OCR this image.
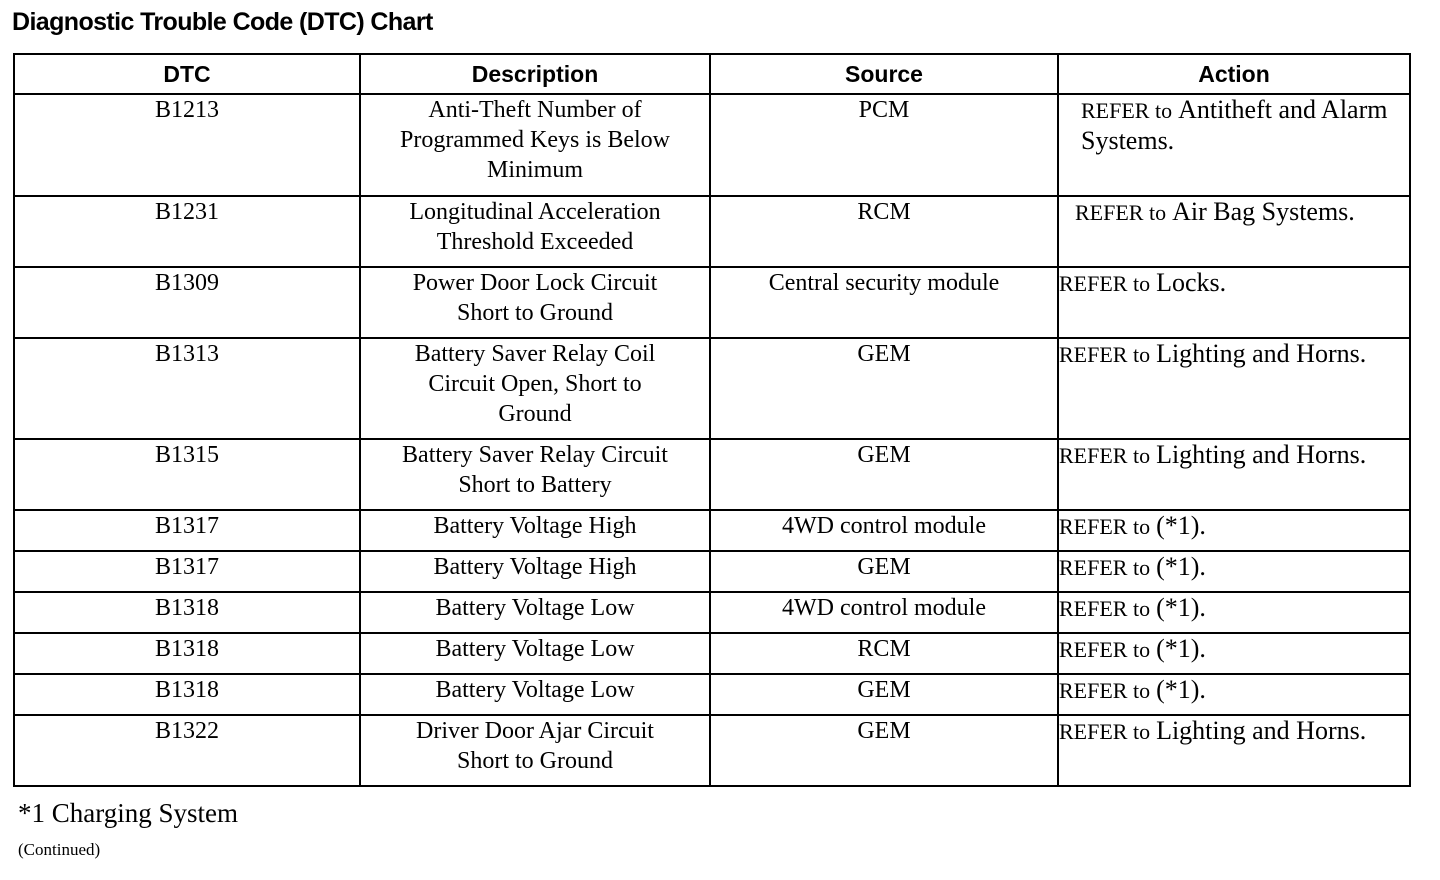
Diagnostic Trouble Code (DTC) Chart
DTC	Description	Source	Action
B1213	Anti-Theft Number of Programmed Keys is Below Minimum	PCM	REFER to Antitheft and Alarm Systems.
B1231	Longitudinal Acceleration Threshold Exceeded	RCM	REFER to Air Bag Systems.
B1309	Power Door Lock Circuit Short to Ground	Central security module	REFER to Locks.
B1313	Battery Saver Relay Coil Circuit Open, Short to Ground	GEM	REFER to Lighting and Horns.
B1315	Battery Saver Relay Circuit Short to Battery	GEM	REFER to Lighting and Horns.
B1317	Battery Voltage High	4WD control module	REFER to (*1).
B1317	Battery Voltage High	GEM	REFER to (*1).
B1318	Battery Voltage Low	4WD control module	REFER to (*1).
B1318	Battery Voltage Low	RCM	REFER to (*1).
B1318	Battery Voltage Low	GEM	REFER to (*1).
B1322	Driver Door Ajar Circuit Short to Ground	GEM	REFER to Lighting and Horns.
*1 Charging System
(Continued)
